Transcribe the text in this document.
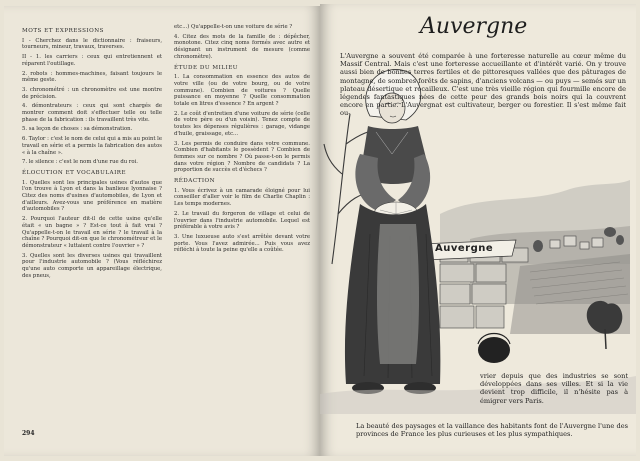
MOTS ET EXPRESSIONS

I - Cherchez dans le dictionnaire : fraiseurs, tourneurs, mineur, travaux, traverses.

II - 1. les carriers : ceux qui entretiennent et réparent l'outillage.

2. robots : hommes-machines, faisant toujours le même geste.

3. chronométré : un chronomètre est une montre de précision.

4. démontrateurs : ceux qui sont chargés de montrer comment doit s'effectuer telle ou telle phase de la fabrication : ils travaillent très vite.

5. sa leçon de choses : sa démonstration.

6. Taylor : c'est le nom de celui qui a mis au point le travail en série et a permis la fabrication des autos « à la chaîne ».

7. le silence : c'est le nom d'une rue du roi.

ÉLOCUTION ET VOCABULAIRE

1. Quelles sont les principales usines d'autos que l'on trouve à Lyon et dans la banlieue lyonnaise ? Citez des noms d'usines d'automobiles, de Lyon et d'ailleurs. Avez-vous une préférence en matière d'automobiles ?

2. Pourquoi l'auteur dit-il de cette usine qu'elle était « un bagne » ? Est-ce tout à fait vrai ? Qu'appelle-t-on le travail en série ? le travail à la chaîne ? Pourquoi dit-on que le chronométreur et le démonstrateur « luttaient contre l'ouvrier » ?

3. Quelles sont les diverses usines qui travaillent pour l'industrie automobile ? (Vous réfléchirez qu'une auto comporte un appareillage électrique, des pneus,

etc...) Qu'appelle-t-on une voiture de série ?

4. Citez des mots de la famille de : dépêcher, monotone. Citez cinq noms formés avec autre et désignant un instrument de mesure (comme chronomètre).

ÉTUDE DU MILIEU

1. La consommation en essence des autos de votre ville (ou de votre bourg, ou de votre commune). Combien de voitures ? Quelle puissance en moyenne ? Quelle consommation totale en litres d'essence ? En argent ?

2. Le coût d'entretien d'une voiture de série (celle de votre père ou d'un voisin). Tenez compte de toutes les dépenses régulières : garage, vidange d'huile, graissage, etc...

3. Les permis de conduire dans votre commune. Combien d'habitants le possèdent ? Combien de femmes sur ce nombre ? Où passe-t-on le permis dans votre région ? Nombre de candidats ? La proportion de succès et d'échecs ?

RÉDACTION

1. Vous écrivez à un camarade éloigné pour lui conseiller d'aller voir le film de Charlie Chaplin : Les temps modernes.

2. Le travail du forgeron de village et celui de l'ouvrier dans l'industrie automobile. Lequel est préférable à votre avis ?

3. Une luxueuse auto s'est arrêtée devant votre porte. Vous l'avez admirée... Puis vous avez réfléchi à toute la peine qu'elle a coûtée.

294
Auvergne
L'Auvergne a souvent été comparée à une forteresse naturelle au cœur même du Massif Central. Mais c'est une forteresse accueillante et d'intérêt varié. On y trouve aussi bien de bonnes terres fertiles et de pittoresques vallées que des pâturages de montagne, de sombres forêts de sapins, d'anciens volcans — ou puys — semés sur un plateau désertique et rocailleux. C'est une très vieille région qui fourmille encore de légendes fantastiques nées de cette peur des grands bois noirs qui la couvrent encore en partie. L'Auvergnat est cultivateur, berger ou forestier. Il s'est même fait ou-
Auvergne
vrier depuis que des industries se sont développées dans ses villes. Et si la vie devient trop difficile, il n'hésite pas à émigrer vers Paris.
La beauté des paysages et la vaillance des habitants font de l'Auvergne l'une des provinces de France les plus curieuses et les plus sympathiques.
